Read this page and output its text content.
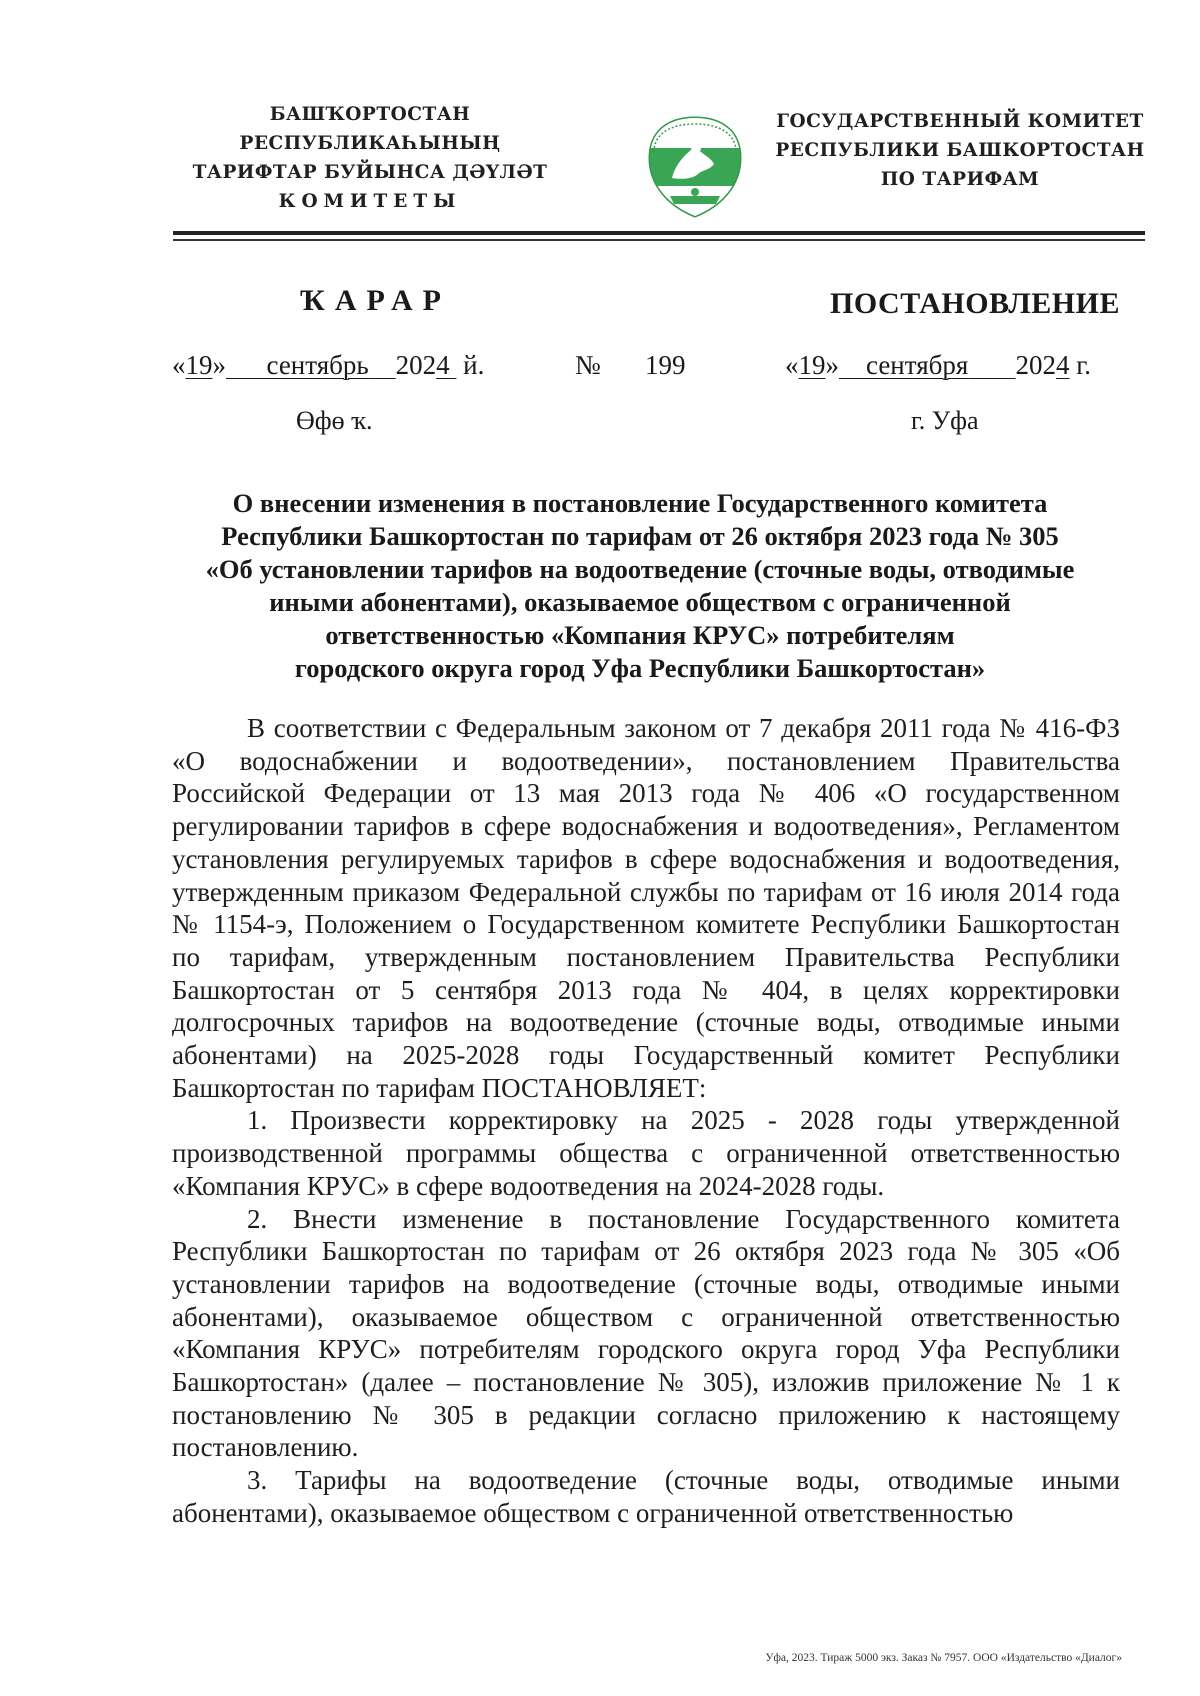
БАШҠОРТОСТАН РЕСПУБЛИКАҺЫНЫҢ
ТАРИФТАР БУЙЫНСА ДӘҮЛӘТ
КОМИТЕТЫ
ГОСУДАРСТВЕННЫЙ КОМИТЕТ
РЕСПУБЛИКИ БАШКОРТОСТАН
ПО ТАРИФАМ
ҠАРАР	ПОСТАНОВЛЕНИЕ
«19» сентябрь 2024 й.	№ 199	«19» сентября 2024 г.
Өфө ҡ.	г. Уфа
О внесении изменения в постановление Государственного комитета
Республики Башкортостан по тарифам от 26 октября 2023 года № 305
«Об установлении тарифов на водоотведение (сточные воды, отводимые
иными абонентами), оказываемое обществом с ограниченной
ответственностью «Компания КРУС» потребителям
городского округа город Уфа Республики Башкортостан»

В соответствии с Федеральным законом от 7 декабря 2011 года № 416-ФЗ «О водоснабжении и водоотведении», постановлением Правительства Российской Федерации от 13 мая 2013 года № 406 «О государственном регулировании тарифов в сфере водоснабжения и водоотведения», Регламентом установления регулируемых тарифов в сфере водоснабжения и водоотведения, утвержденным приказом Федеральной службы по тарифам от 16 июля 2014 года № 1154-э, Положением о Государственном комитете Республики Башкортостан по тарифам, утвержденным постановлением Правительства Республики Башкортостан от 5 сентября 2013 года № 404, в целях корректировки долгосрочных тарифов на водоотведение (сточные воды, отводимые иными абонентами) на 2025-2028 годы Государственный комитет Республики Башкортостан по тарифам ПОСТАНОВЛЯЕТ:

1. Произвести корректировку на 2025 - 2028 годы утвержденной производственной программы общества с ограниченной ответственностью «Компания КРУС» в сфере водоотведения на 2024-2028 годы.

2. Внести изменение в постановление Государственного комитета Республики Башкортостан по тарифам от 26 октября 2023 года № 305 «Об установлении тарифов на водоотведение (сточные воды, отводимые иными абонентами), оказываемое обществом с ограниченной ответственностью «Компания КРУС» потребителям городского округа город Уфа Республики Башкортостан» (далее – постановление № 305), изложив приложение № 1 к постановлению № 305 в редакции согласно приложению к настоящему постановлению.

3. Тарифы на водоотведение (сточные воды, отводимые иными абонентами), оказываемое обществом с ограниченной ответственностью

Уфа, 2023. Тираж 5000 экз. Заказ № 7957. ООО «Издательство «Диалог»
